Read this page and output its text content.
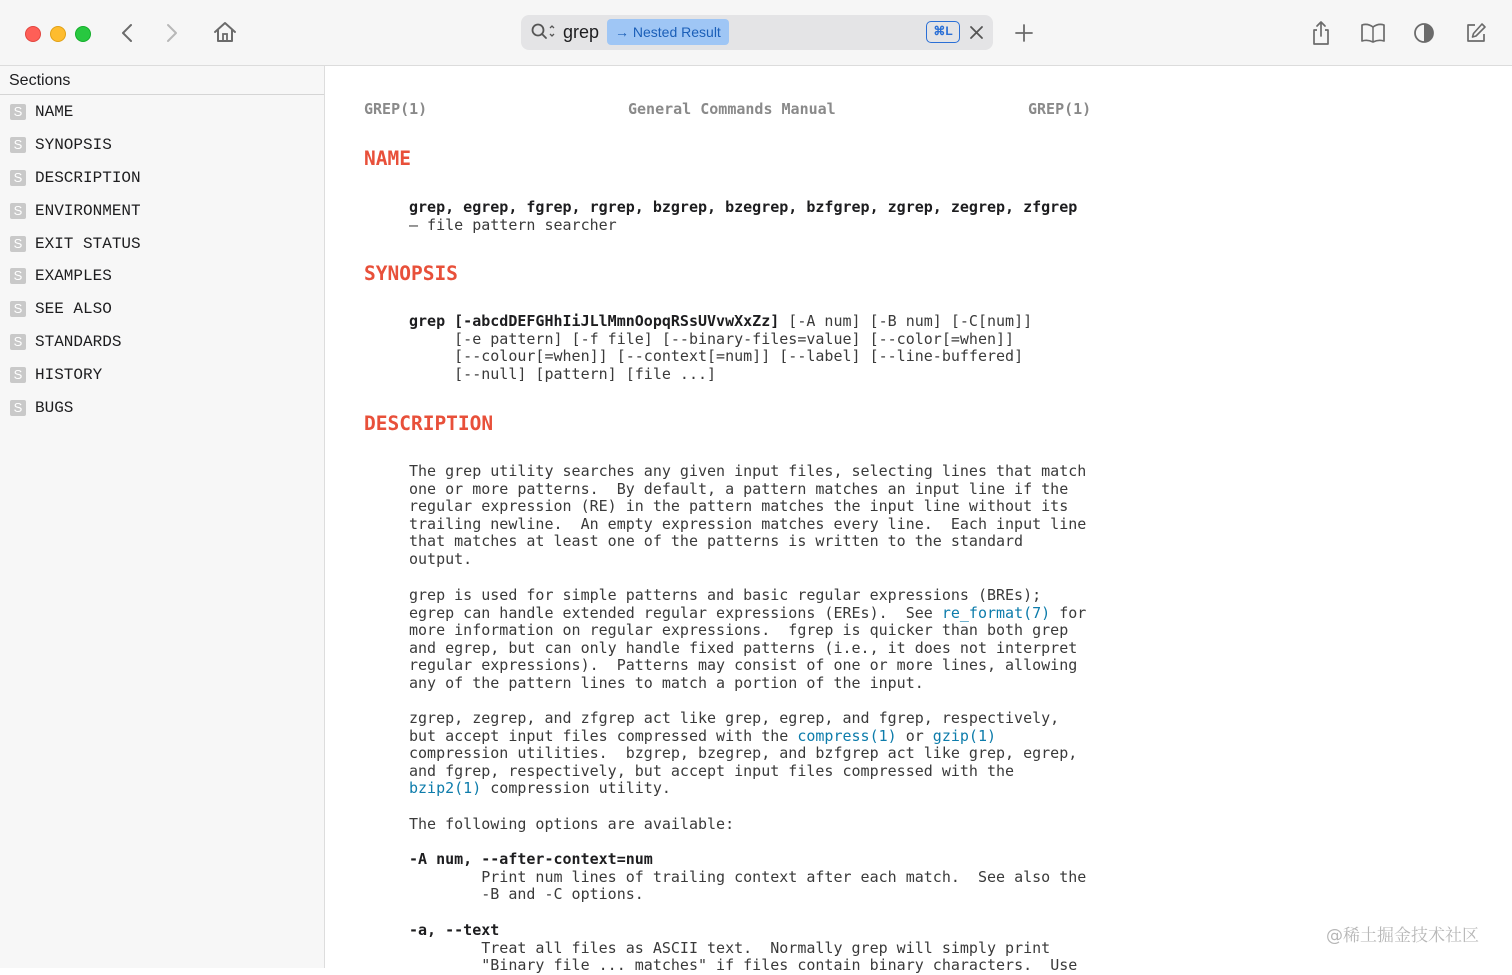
grep	→ Nested Result	⌘L
Sections
S NAME
S SYNOPSIS
S DESCRIPTION
S ENVIRONMENT
S EXIT STATUS
S EXAMPLES
S SEE ALSO
S STANDARDS
S HISTORY
S BUGS
GREP(1)	General Commands Manual	GREP(1)
NAME
grep, egrep, fgrep, rgrep, bzgrep, bzegrep, bzfgrep, zgrep, zegrep, zfgrep
– file pattern searcher
SYNOPSIS
grep [-abcdDEFGHhIiJLlMmnOopqRSsUVvwXxZz] [-A num] [-B num] [-C[num]]
[-e pattern] [-f file] [--binary-files=value] [--color[=when]]
[--colour[=when]] [--context[=num]] [--label] [--line-buffered]
[--null] [pattern] [file ...]
DESCRIPTION
The grep utility searches any given input files, selecting lines that match
one or more patterns.  By default, a pattern matches an input line if the
regular expression (RE) in the pattern matches the input line without its
trailing newline.  An empty expression matches every line.  Each input line
that matches at least one of the patterns is written to the standard
output.
grep is used for simple patterns and basic regular expressions (BREs);
egrep can handle extended regular expressions (EREs).  See re_format(7) for
more information on regular expressions.  fgrep is quicker than both grep
and egrep, but can only handle fixed patterns (i.e., it does not interpret
regular expressions).  Patterns may consist of one or more lines, allowing
any of the pattern lines to match a portion of the input.
zgrep, zegrep, and zfgrep act like grep, egrep, and fgrep, respectively,
but accept input files compressed with the compress(1) or gzip(1)
compression utilities.  bzgrep, bzegrep, and bzfgrep act like grep, egrep,
and fgrep, respectively, but accept input files compressed with the
bzip2(1) compression utility.
The following options are available:
-A num, --after-context=num
Print num lines of trailing context after each match.  See also the
-B and -C options.
-a, --text
Treat all files as ASCII text.  Normally grep will simply print
"Binary file ... matches" if files contain binary characters.  Use
@稀土掘金技术社区
